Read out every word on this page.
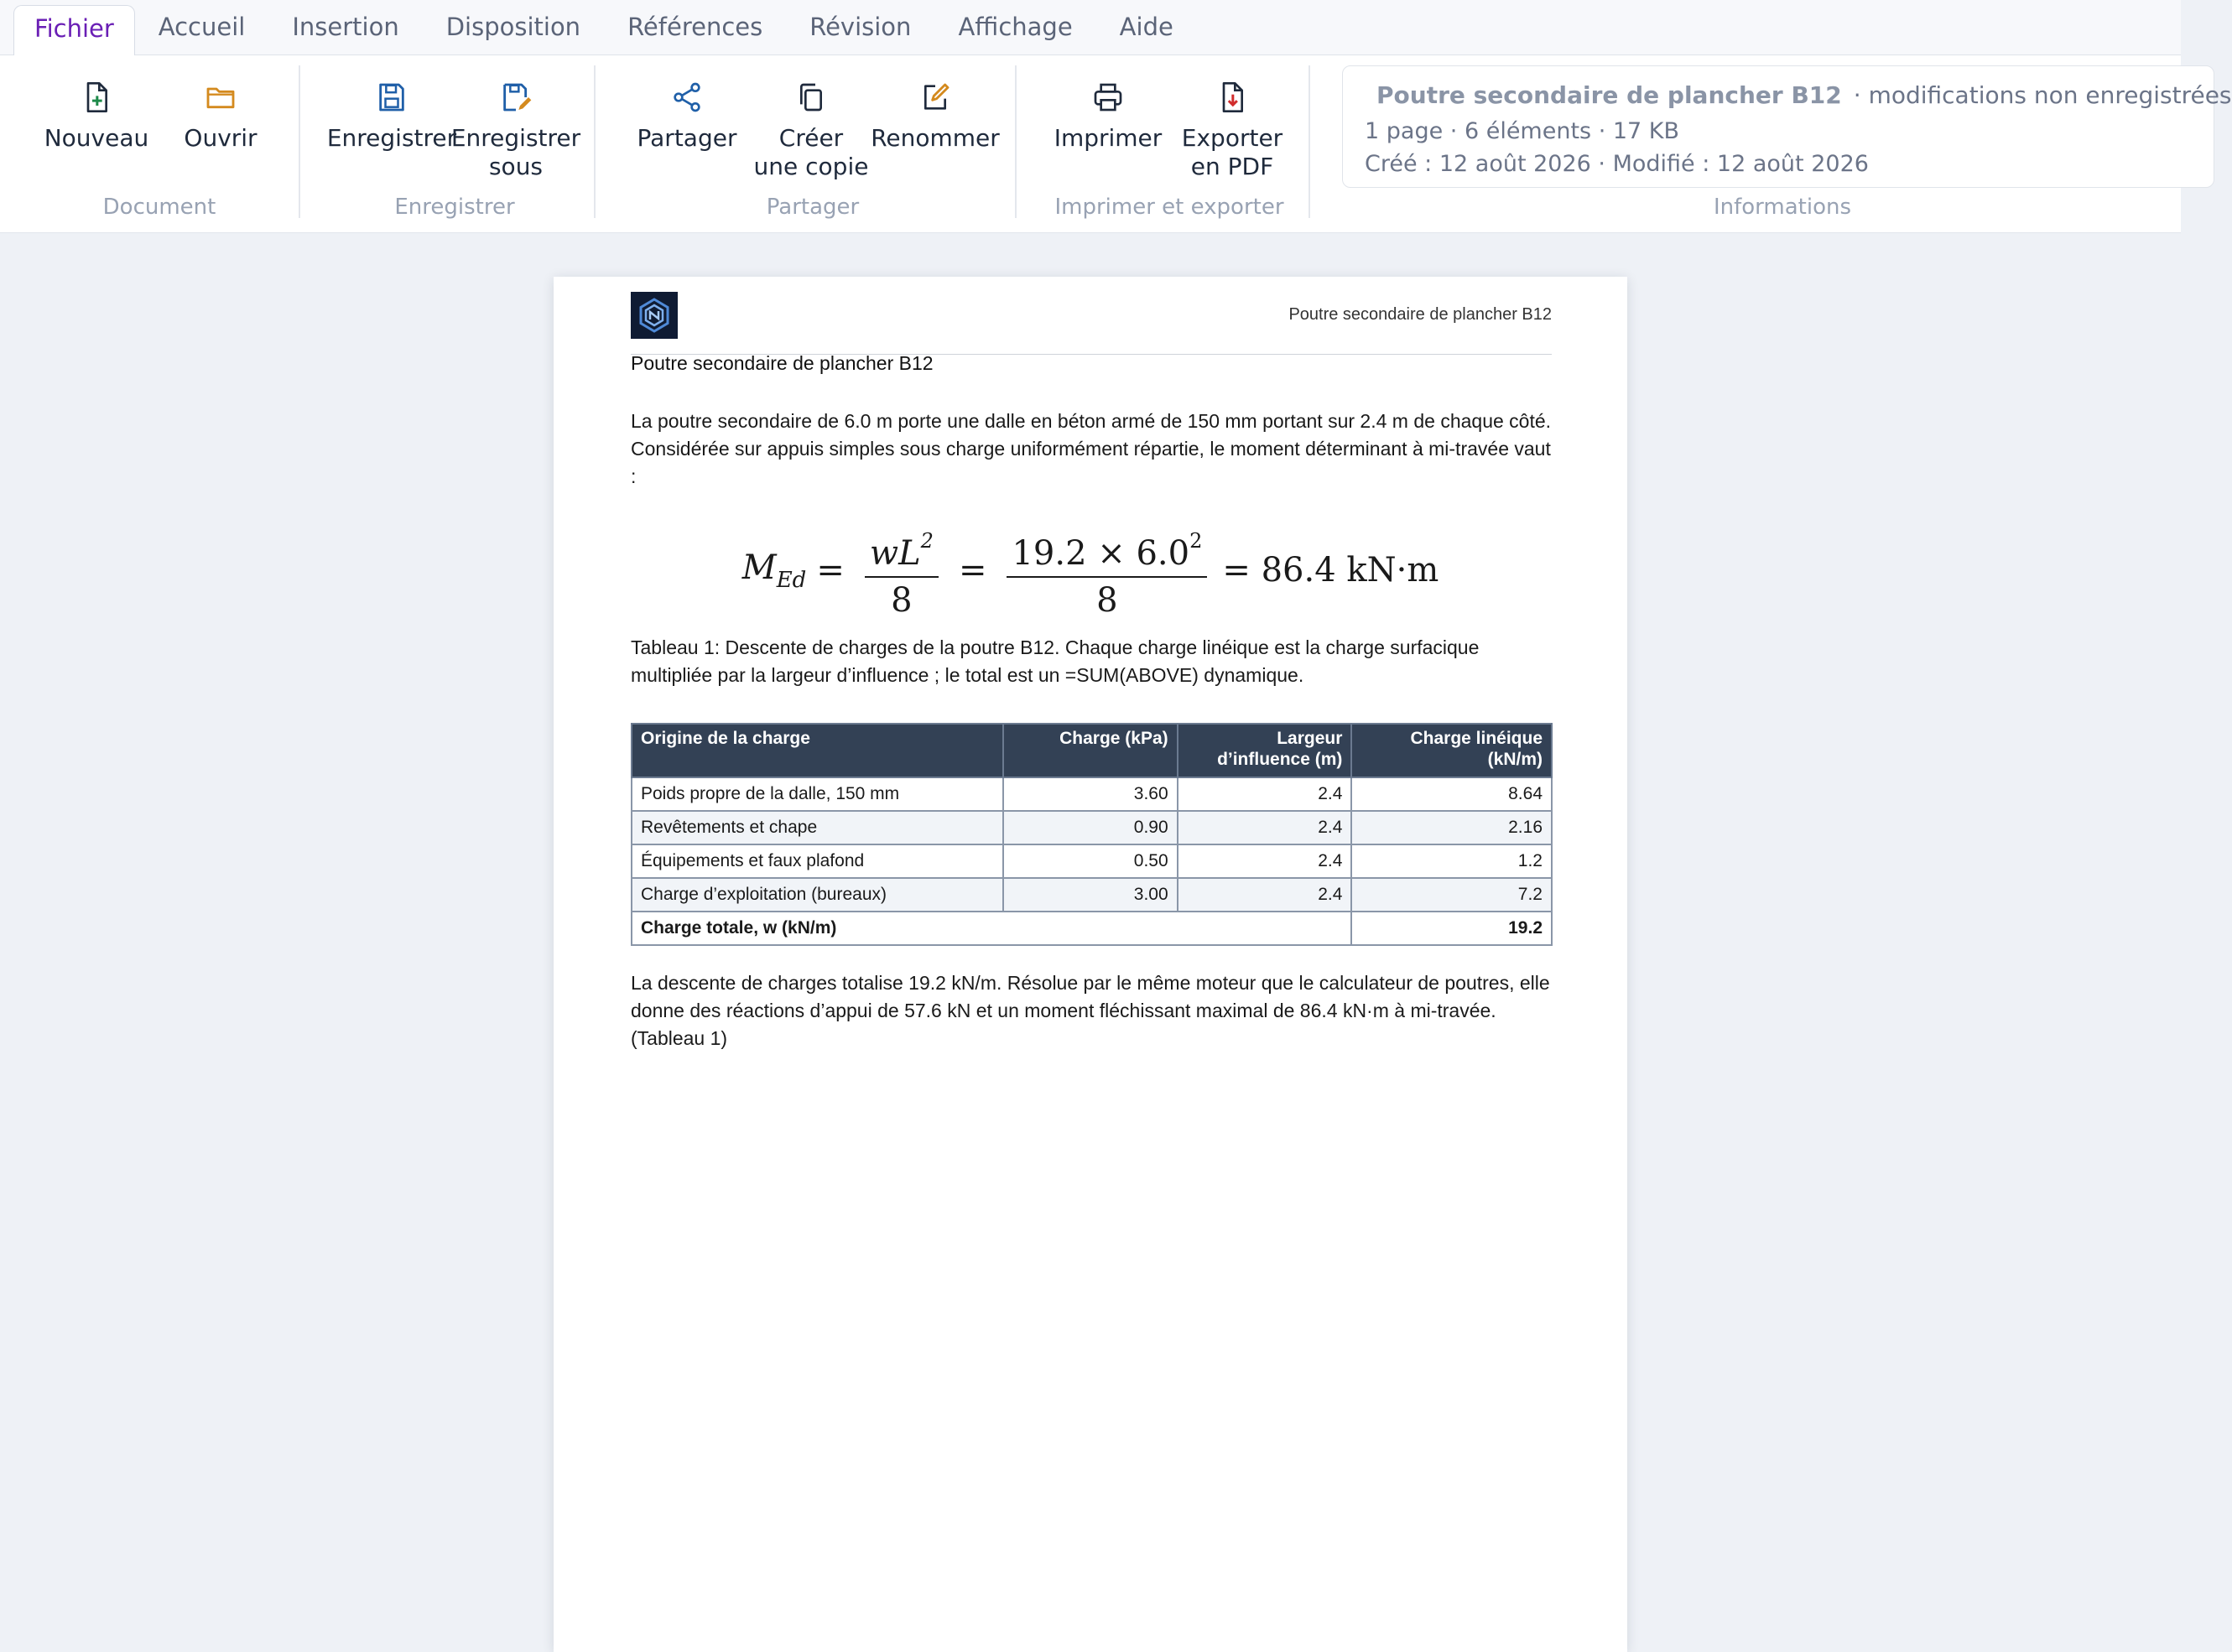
Fichier	Accueil	Insertion	Disposition	Références	Révision	Affichage	Aide
Nouveau Ouvrir
Document
Enregistrer
Enregistrer
sous
Enregistrer
Partager	Créer
une copie
Renommer
Partager
Imprimer Exporter
en PDF
Imprimer et exporter
Poutre secondaire de plancher B12 · modifications non enregistrées
1 page · 6 éléments · 17 KB
Créé : 12 août 2026 · Modifié : 12 août 2026
Informations
Poutre secondaire de plancher B12
Poutre secondaire de plancher B12
La poutre secondaire de 6.0 m porte une dalle en béton armé de 150 mm portant sur 2.4 m de chaque côté. Considérée sur appuis simples sous charge uniformément répartie, le moment déterminant à mi-travée vaut :
$M_{Ed} = \frac{wL^2}{8} = \frac{19.2 \times 6.0^2}{8} = 86.4$ kN·m
Tableau 1: Descente de charges de la poutre B12. Chaque charge linéique est la charge surfacique multipliée par la largeur d’influence ; le total est un =SUM(ABOVE) dynamique.
Origine de la charge	Charge (kPa)	Largeur d’influence (m)	Charge linéique (kN/m)
Poids propre de la dalle, 150 mm	3.60	2.4	8.64
Revêtements et chape	0.90	2.4	2.16
Équipements et faux plafond	0.50	2.4	1.2
Charge d’exploitation (bureaux)	3.00	2.4	7.2
Charge totale, w (kN/m)			19.2
La descente de charges totalise 19.2 kN/m. Résolue par le même moteur que le calculateur de poutres, elle donne des réactions d’appui de 57.6 kN et un moment fléchissant maximal de 86.4 kN·m à mi-travée. (Tableau 1)
